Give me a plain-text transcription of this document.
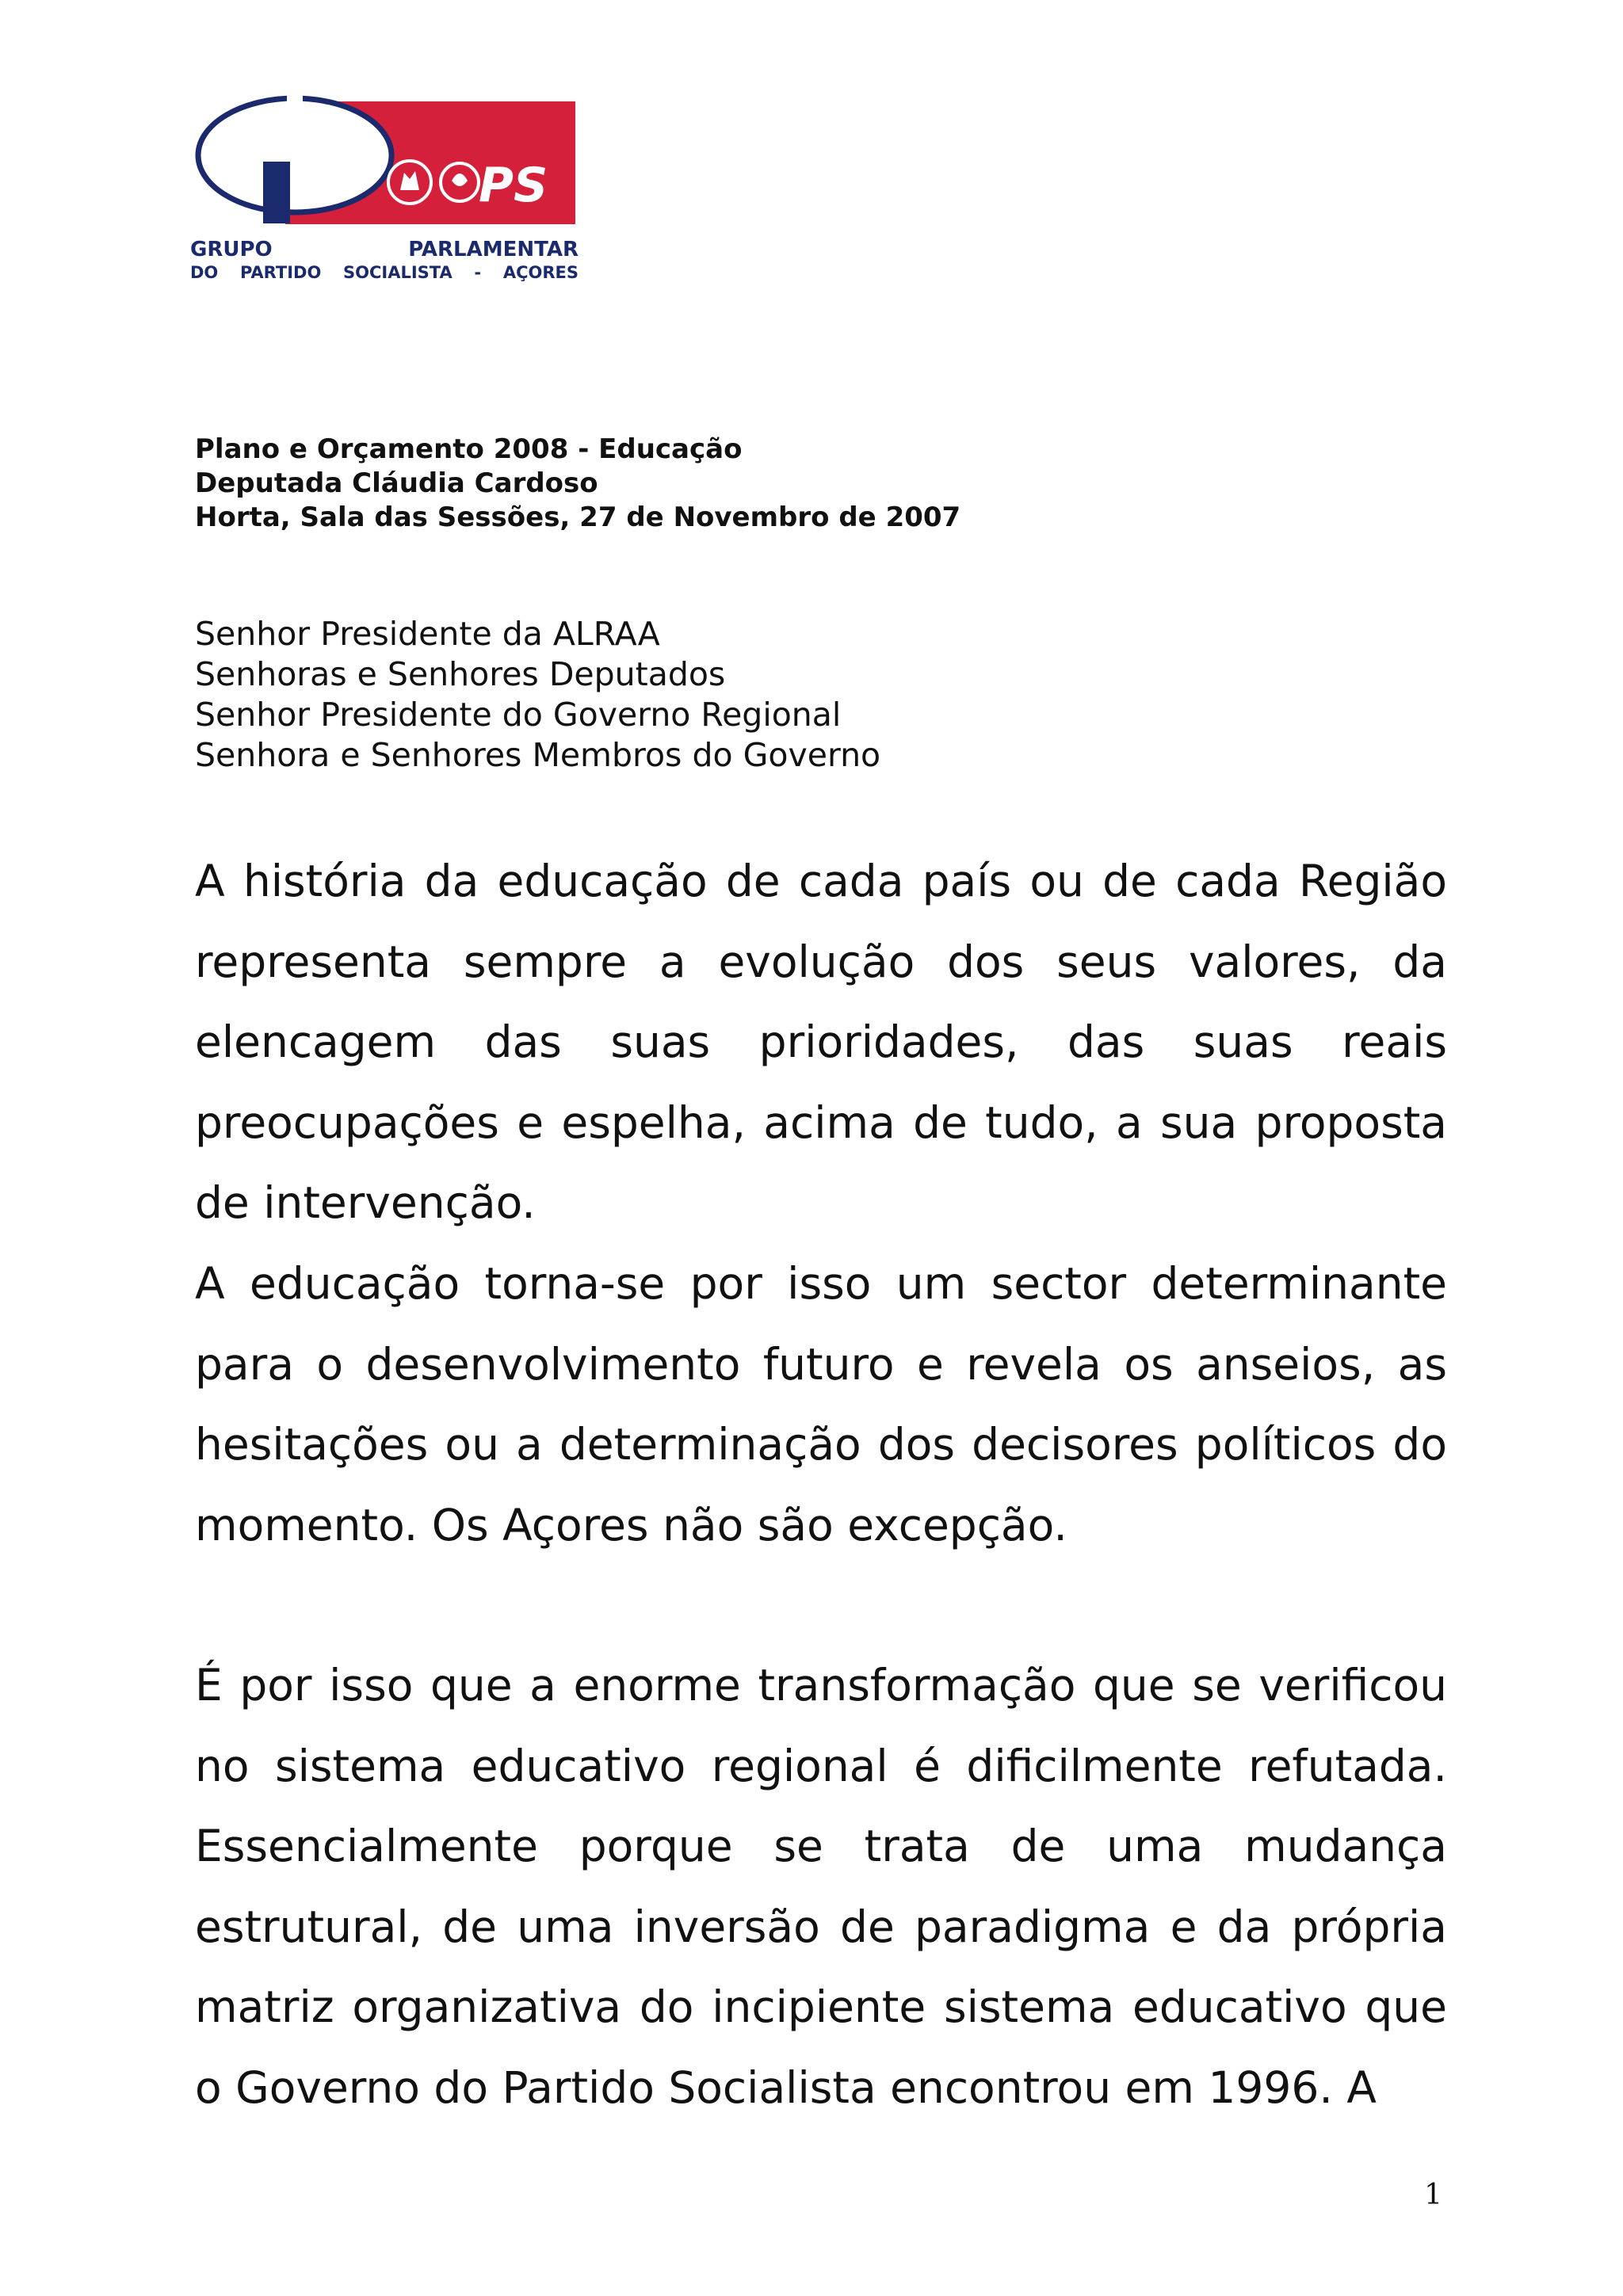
PS
GRUPO PARLAMENTAR
DO PARTIDO SOCIALISTA - AÇORES
Plano e Orçamento 2008 - Educação
Deputada Cláudia Cardoso
Horta, Sala das Sessões, 27 de Novembro de 2007
Senhor Presidente da ALRAA
Senhoras e Senhores Deputados
Senhor Presidente do Governo Regional
Senhora e Senhores Membros do Governo

A história da educação de cada país ou de cada Região representa sempre a evolução dos seus valores, da elencagem das suas prioridades, das suas reais preocupações e espelha, acima de tudo, a sua proposta de intervenção.

A educação torna-se por isso um sector determinante para o desenvolvimento futuro e revela os anseios, as hesitações ou a determinação dos decisores políticos do momento. Os Açores não são excepção.

É por isso que a enorme transformação que se verificou no sistema educativo regional é dificilmente refutada. Essencialmente porque se trata de uma mudança estrutural, de uma inversão de paradigma e da própria matriz organizativa do incipiente sistema educativo que o Governo do Partido Socialista encontrou em 1996. A

1
